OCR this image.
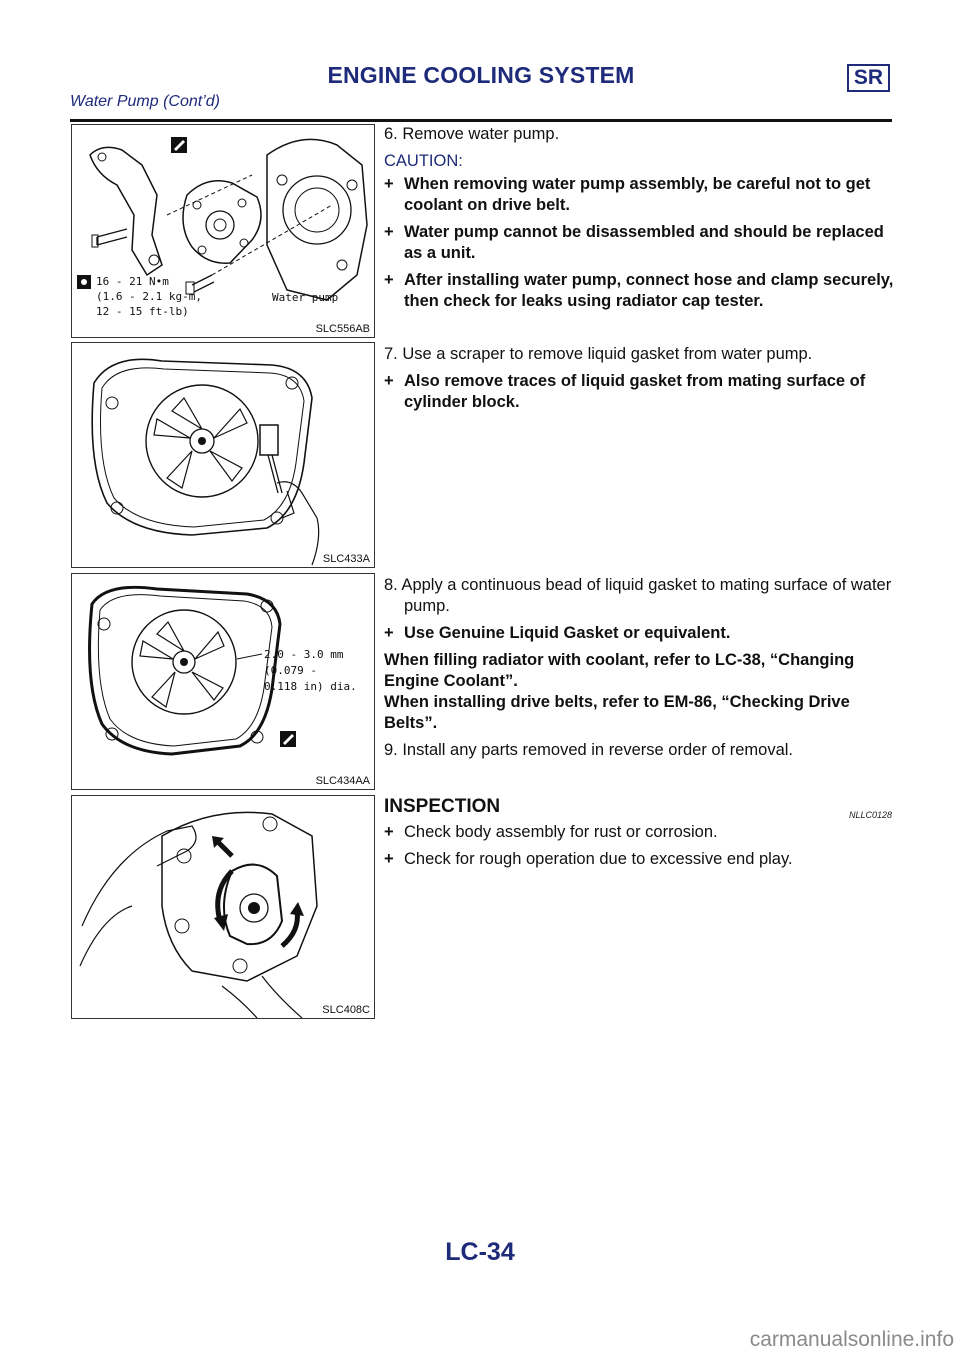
ENGINE COOLING SYSTEM	SR
Water Pump (Cont’d)
16 - 21 N•m
(1.6 - 2.1 kg-m,
12 - 15 ft-lb)
Water pump
SLC556AB
SLC433A
2.0 - 3.0 mm
(0.079 -
0.118 in) dia.
SLC434AA
SLC408C

6. Remove water pump.

CAUTION:

+ When removing water pump assembly, be careful not to get coolant on drive belt.

+ Water pump cannot be disassembled and should be replaced as a unit.

+ After installing water pump, connect hose and clamp securely, then check for leaks using radiator cap tester.

7. Use a scraper to remove liquid gasket from water pump.

+ Also remove traces of liquid gasket from mating surface of cylinder block.

8. Apply a continuous bead of liquid gasket to mating surface of water pump.

+ Use Genuine Liquid Gasket or equivalent.

When filling radiator with coolant, refer to LC-38, “Changing Engine Coolant”.

When installing drive belts, refer to EM-86, “Checking Drive Belts”.

9. Install any parts removed in reverse order of removal.

INSPECTION	NLLC0128

+ Check body assembly for rust or corrosion.

+ Check for rough operation due to excessive end play.

LC-34
carmanualsonline.info
